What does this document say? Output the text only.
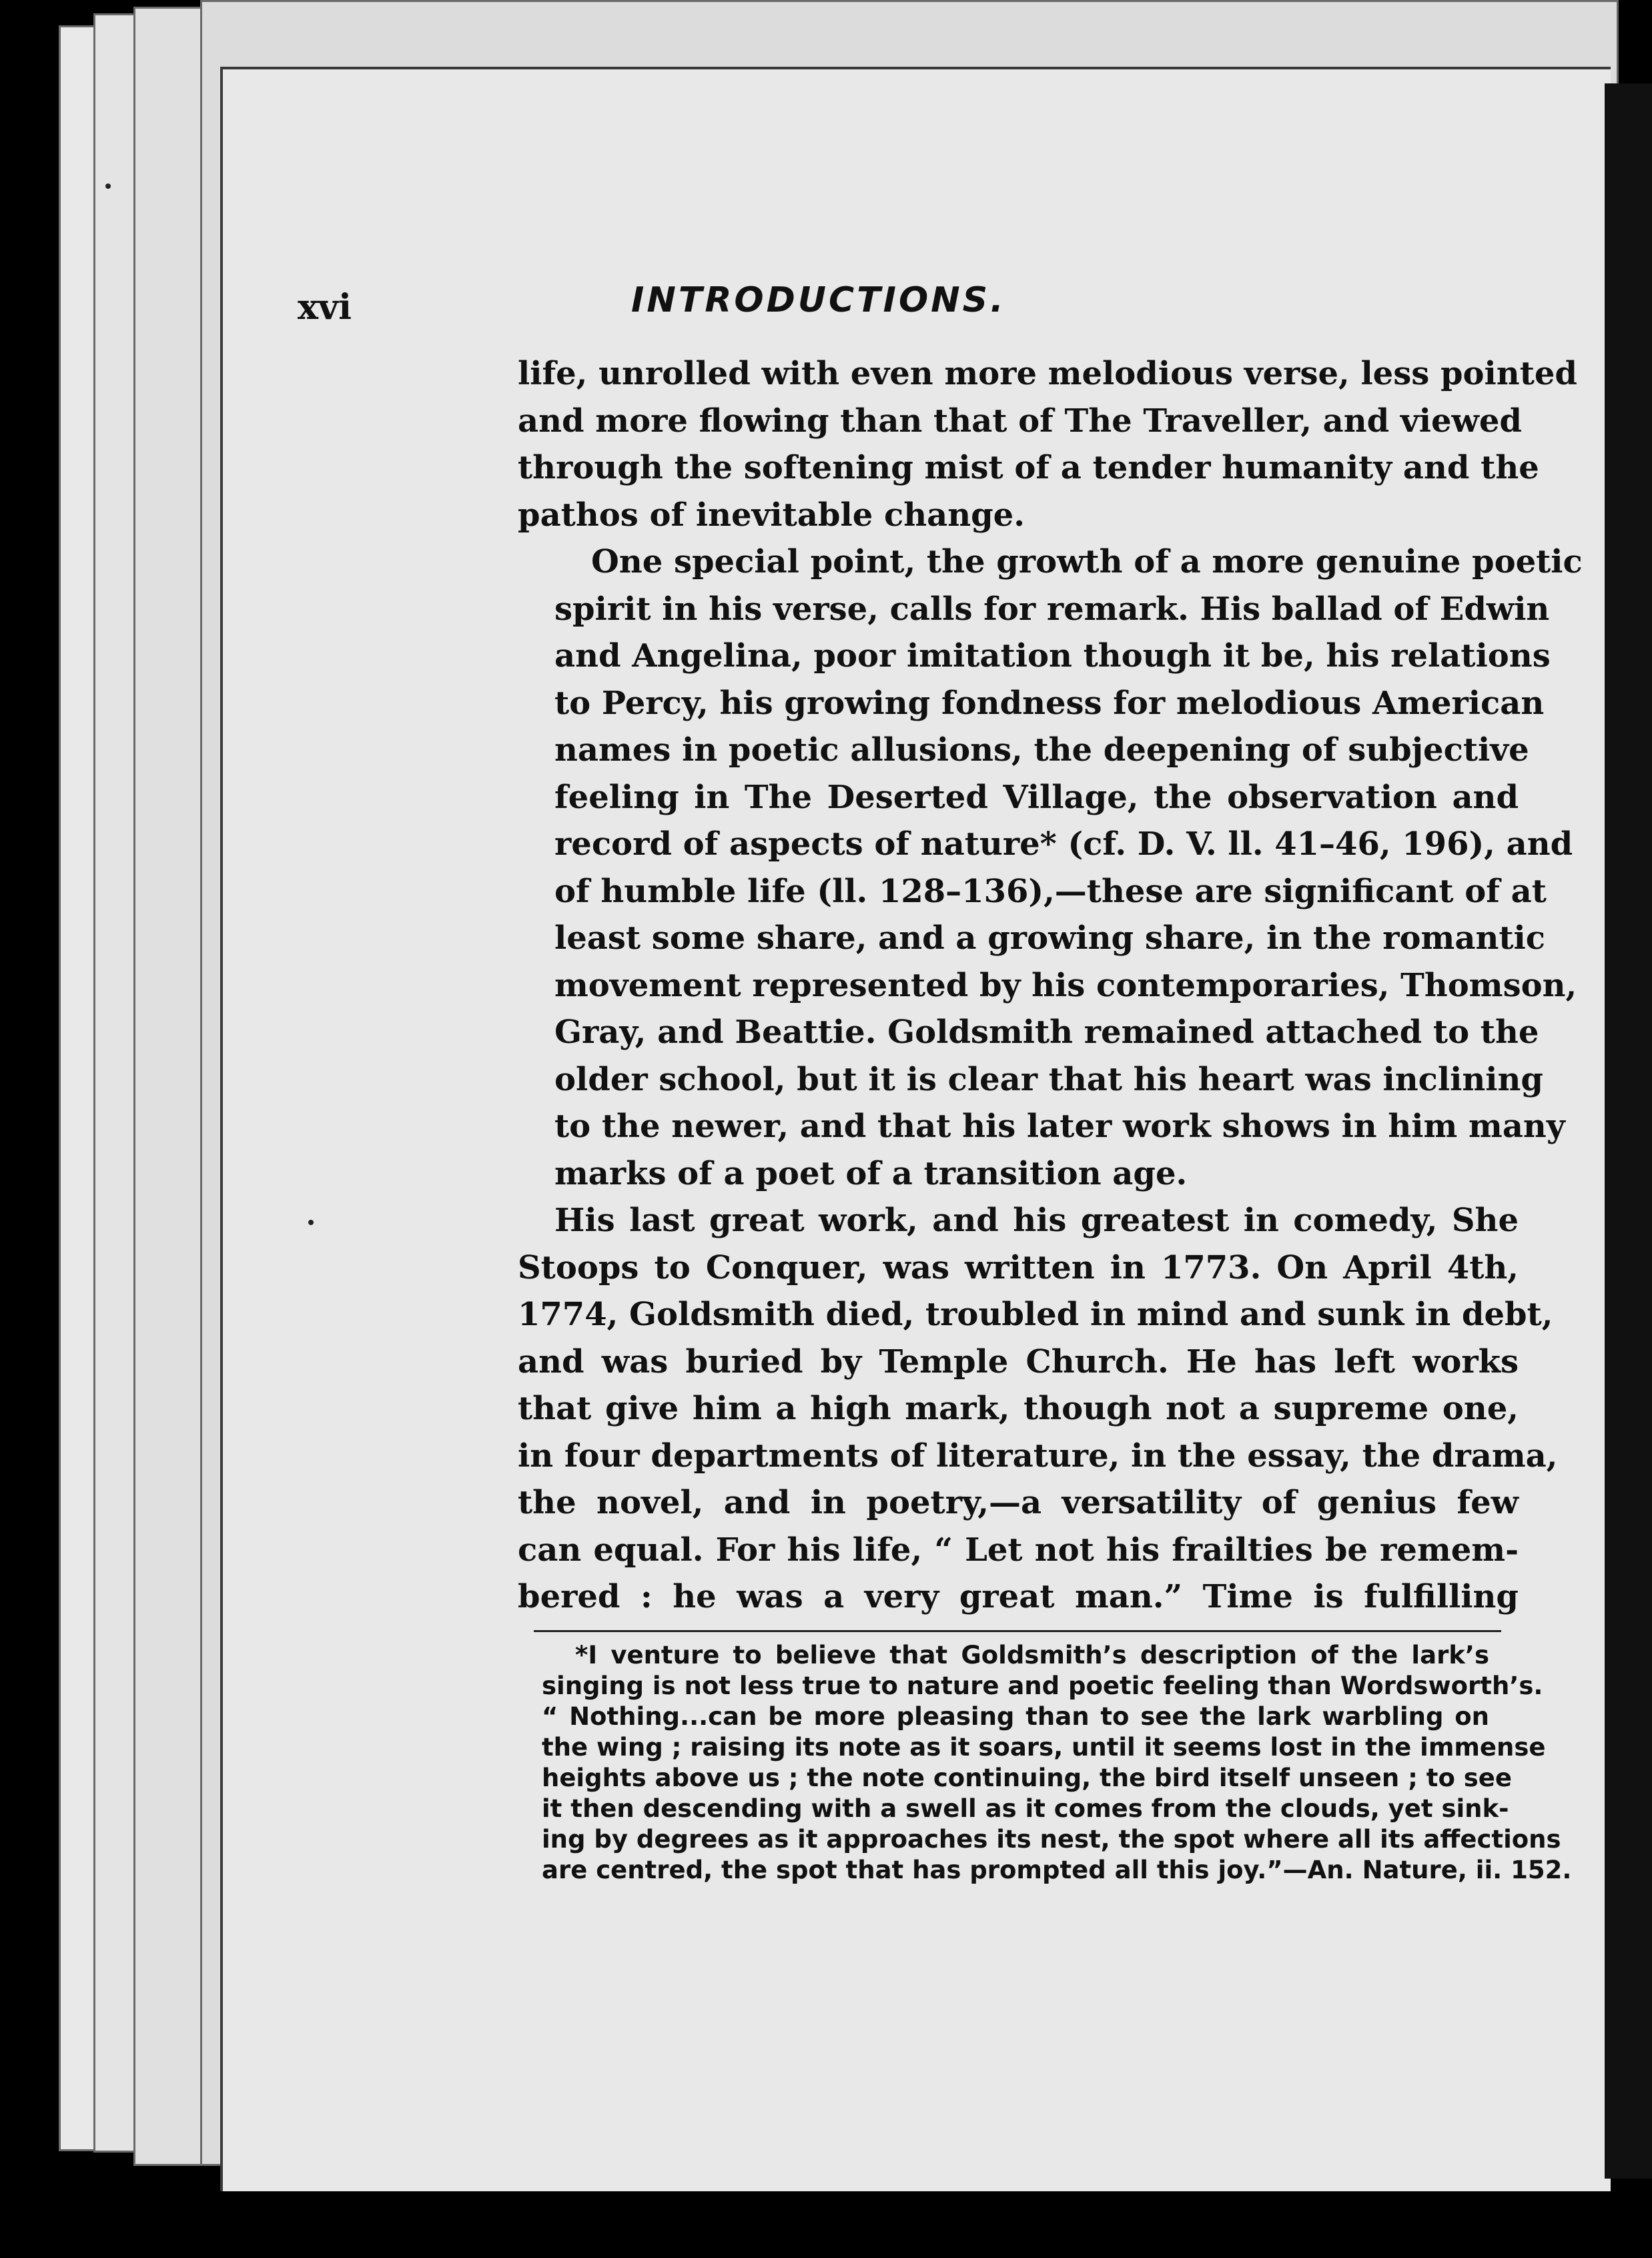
xvi	INTRODUCTIONS.

life, unrolled with even more melodious verse, less pointed
and more flowing than that of The Traveller, and viewed
through the softening mist of a tender humanity and the
pathos of inevitable change.

One special point, the growth of a more genuine poetic
spirit in his verse, calls for remark. His ballad of Edwin
and Angelina, poor imitation though it be, his relations
to Percy, his growing fondness for melodious American
names in poetic allusions, the deepening of subjective
feeling in The Deserted Village, the observation and
record of aspects of nature* (cf. D. V. ll. 41–46, 196), and
of humble life (ll. 128–136),—these are significant of at
least some share, and a growing share, in the romantic
movement represented by his contemporaries, Thomson,
Gray, and Beattie. Goldsmith remained attached to the
older school, but it is clear that his heart was inclining
to the newer, and that his later work shows in him many
marks of a poet of a transition age.

His last great work, and his greatest in comedy, She
Stoops to Conquer, was written in 1773. On April 4th,
1774, Goldsmith died, troubled in mind and sunk in debt,
and was buried by Temple Church. He has left works
that give him a high mark, though not a supreme one,
in four departments of literature, in the essay, the drama,
the novel, and in poetry,—a versatility of genius few
can equal. For his life, “ Let not his frailties be remem-
bered : he was a very great man.” Time is fulfilling

*I venture to believe that Goldsmith’s description of the lark’s
singing is not less true to nature and poetic feeling than Wordsworth’s.
“ Nothing...can be more pleasing than to see the lark warbling on
the wing ; raising its note as it soars, until it seems lost in the immense
heights above us ; the note continuing, the bird itself unseen ; to see
it then descending with a swell as it comes from the clouds, yet sink-
ing by degrees as it approaches its nest, the spot where all its affections
are centred, the spot that has prompted all this joy.”—An. Nature, ii. 152.
